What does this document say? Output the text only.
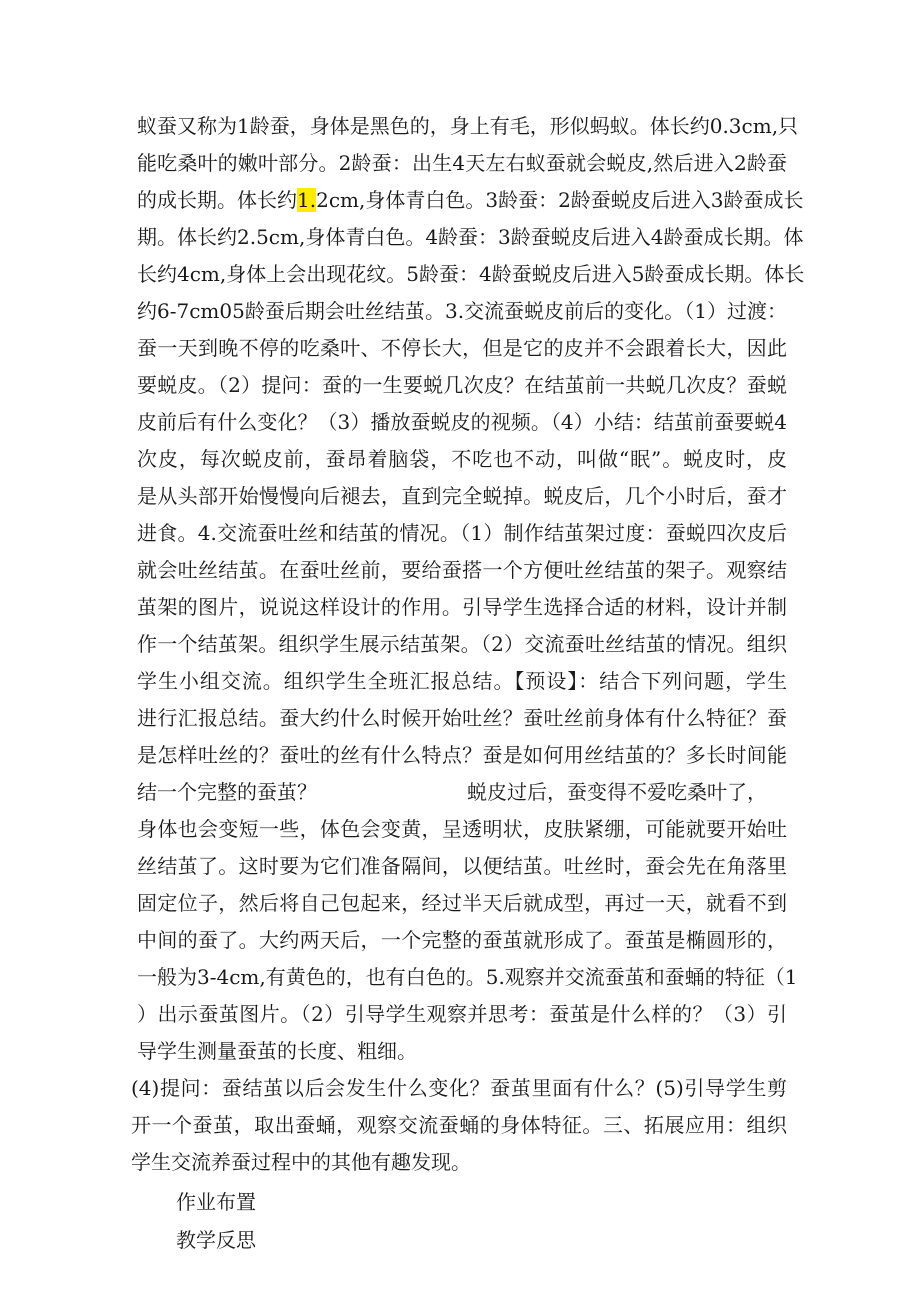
蚁蚕又称为1龄蚕，身体是黑色的，身上有毛，形似蚂蚁。体长约0.3cm,只
能吃桑叶的嫩叶部分。2龄蚕：出生4天左右蚁蚕就会蜕皮,然后进入2龄蚕
的成长期。体长约1.2cm,身体青白色。3龄蚕：2龄蚕蜕皮后进入3龄蚕成长
期。体长约2.5cm,身体青白色。4龄蚕：3龄蚕蜕皮后进入4龄蚕成长期。体
长约4cm,身体上会出现花纹。5龄蚕：4龄蚕蜕皮后进入5龄蚕成长期。体长
约6-7cm05龄蚕后期会吐丝结茧。3.交流蚕蜕皮前后的变化。（1）过渡：
蚕一天到晚不停的吃桑叶、不停长大，但是它的皮并不会跟着长大，因此
要蜕皮。（2）提问：蚕的一生要蜕几次皮？在结茧前一共蜕几次皮？蚕蜕
皮前后有什么变化？（3）播放蚕蜕皮的视频。（4）小结：结茧前蚕要蜕4
次皮，每次蜕皮前，蚕昂着脑袋，不吃也不动，叫做“眠”。蜕皮时，皮
是从头部开始慢慢向后褪去，直到完全蜕掉。蜕皮后，几个小时后，蚕才
进食。4.交流蚕吐丝和结茧的情况。（1）制作结茧架过度：蚕蜕四次皮后
就会吐丝结茧。在蚕吐丝前，要给蚕搭一个方便吐丝结茧的架子。观察结
茧架的图片，说说这样设计的作用。引导学生选择合适的材料，设计并制
作一个结茧架。组织学生展示结茧架。（2）交流蚕吐丝结茧的情况。组织
学生小组交流。组织学生全班汇报总结。【预设】：结合下列问题，学生
进行汇报总结。蚕大约什么时候开始吐丝？蚕吐丝前身体有什么特征？蚕
是怎样吐丝的？蚕吐的丝有什么特点？蚕是如何用丝结茧的？多长时间能
结一个完整的蚕茧？	蜕皮过后，蚕变得不爱吃桑叶了，
身体也会变短一些，体色会变黄，呈透明状，皮肤紧绷，可能就要开始吐
丝结茧了。这时要为它们准备隔间，以便结茧。吐丝时，蚕会先在角落里
固定位子，然后将自己包起来，经过半天后就成型，再过一天，就看不到
中间的蚕了。大约两天后，一个完整的蚕茧就形成了。蚕茧是椭圆形的，
一般为3-4cm,有黄色的，也有白色的。5.观察并交流蚕茧和蚕蛹的特征（1
）出示蚕茧图片。（2）引导学生观察并思考：蚕茧是什么样的？（3）引
导学生测量蚕茧的长度、粗细。
(4)提问：蚕结茧以后会发生什么变化？蚕茧里面有什么？(5)引导学生剪
开一个蚕茧，取出蚕蛹，观察交流蚕蛹的身体特征。三、拓展应用：组织
学生交流养蚕过程中的其他有趣发现。
作业布置
教学反思
